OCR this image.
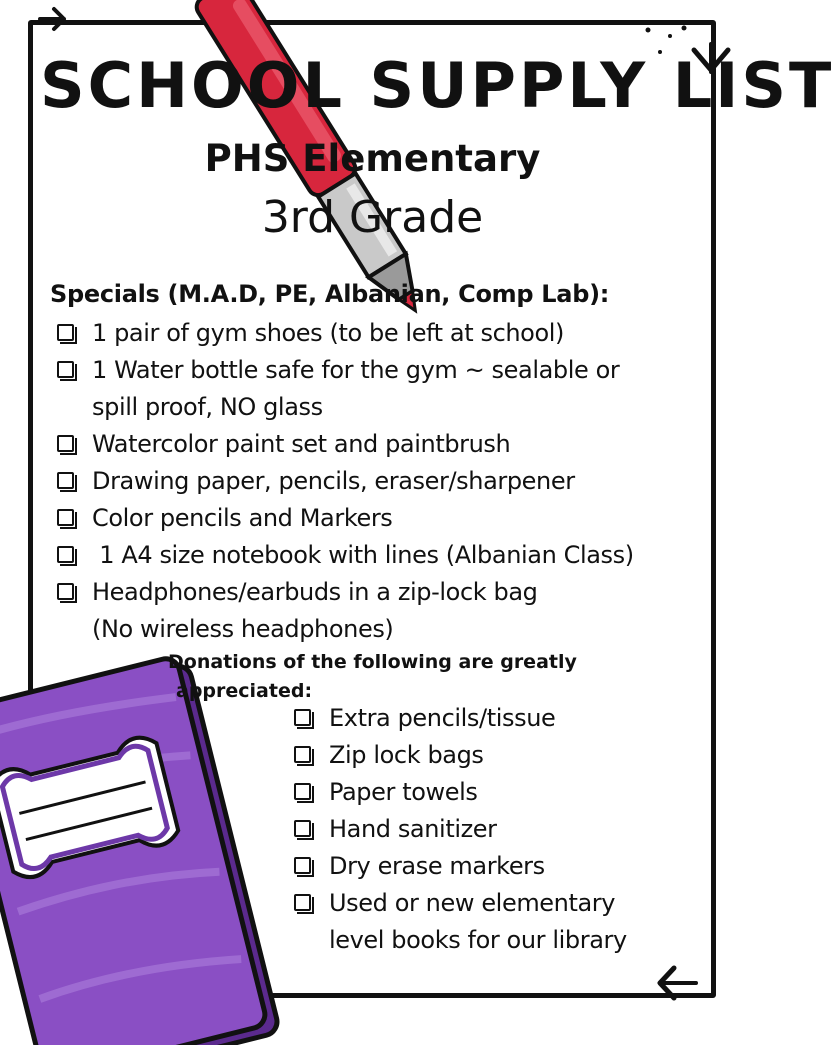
SCHOOL SUPPLY LIST
PHS Elementary
3rd Grade
Specials (M.A.D, PE, Albanian, Comp Lab):
1 pair of gym shoes (to be left at school)
1 Water bottle safe for the gym ~ sealable or
spill proof, NO glass
Watercolor paint set and paintbrush
Drawing paper, pencils, eraser/sharpener
Color pencils and Markers
1 A4 size notebook with lines (Albanian Class)
Headphones/earbuds in a zip-lock bag
(No wireless headphones)
Donations of the following are greatly
appreciated:
Extra pencils/tissue
Zip lock bags
Paper towels
Hand sanitizer
Dry erase markers
Used or new elementary
level books for our library
